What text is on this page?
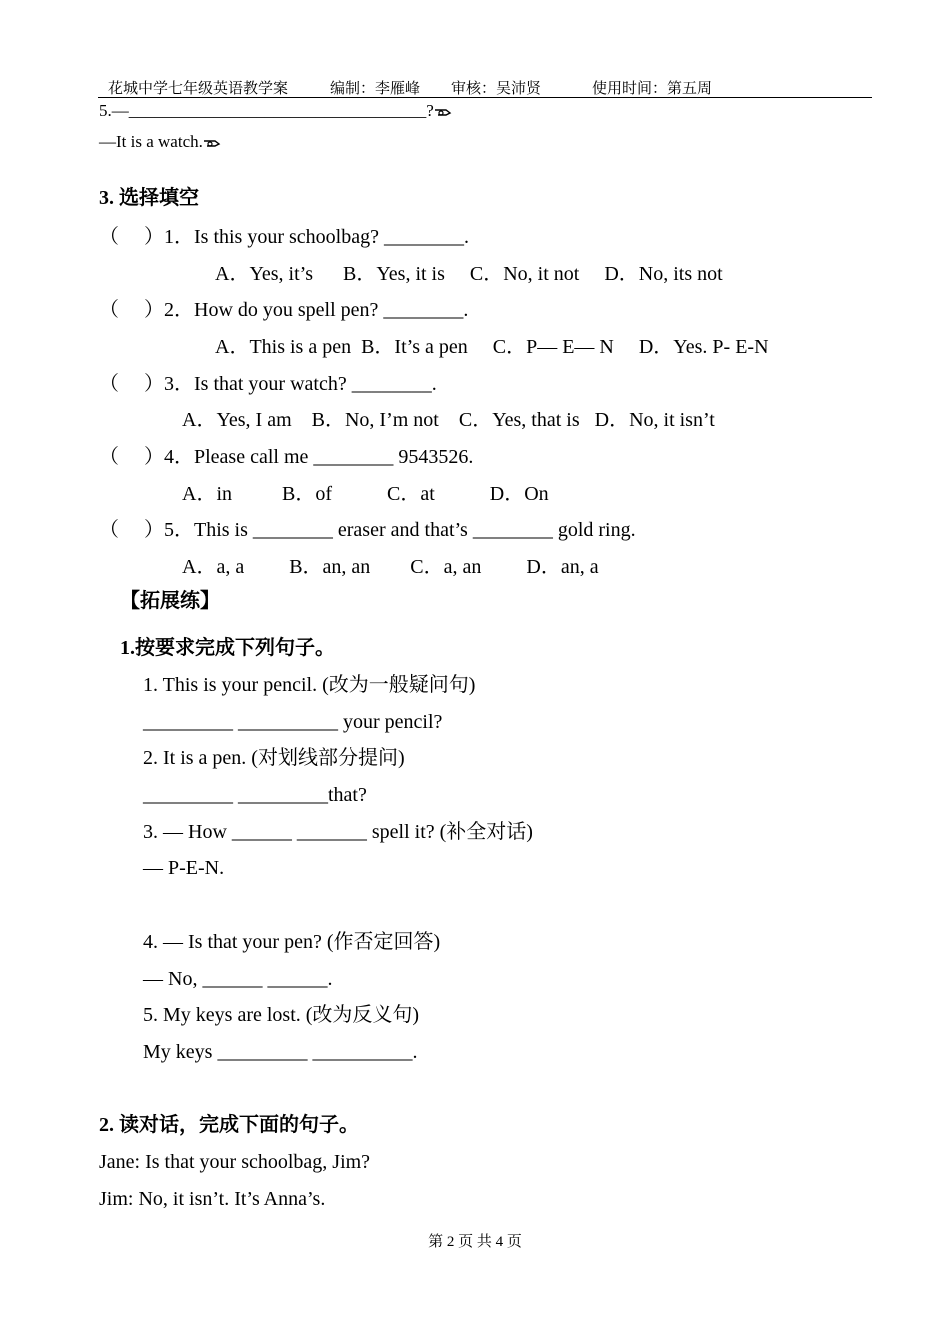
花城中学七年级英语教学案

	编制：李雁峰

审核：吴沛贤

	使用时间：第五周

5.—___________________________________?
—It is a watch.
3. 选择填空
（     ）1．Is this your schoolbag? ________.
A．Yes, it’s      B．Yes, it is     C．No, it not     D．No, its not
（     ）2．How do you spell pen? ________.
A．This is a pen  B．It’s a pen     C．P— E— N     D．Yes. P- E-N
（     ）3．Is that your watch? ________.
A．Yes, I am    B．No, I’m not    C．Yes, that is   D．No, it isn’t
（     ）4．Please call me ________ 9543526.
A．in          B．of           C．at           D．On
（     ）5．This is ________ eraser and that’s ________ gold ring.
A．a, a         B．an, an        C．a, an         D．an, a
【拓展练】
1.按要求完成下列句子。
1. This is your pencil. (改为一般疑问句)
_________ __________ your pencil?
2. It is a pen. (对划线部分提问)
_________ _________that?
3. — How ______ _______ spell it? (补全对话)
— P-E-N.
4. — Is that your pen? (作否定回答)
— No, ______ ______.
5. My keys are lost. (改为反义句)
My keys _________ __________.
2. 读对话，完成下面的句子。
Jane: Is that your schoolbag, Jim?
Jim: No, it isn’t. It’s Anna’s.
第 2 页 共 4 页
